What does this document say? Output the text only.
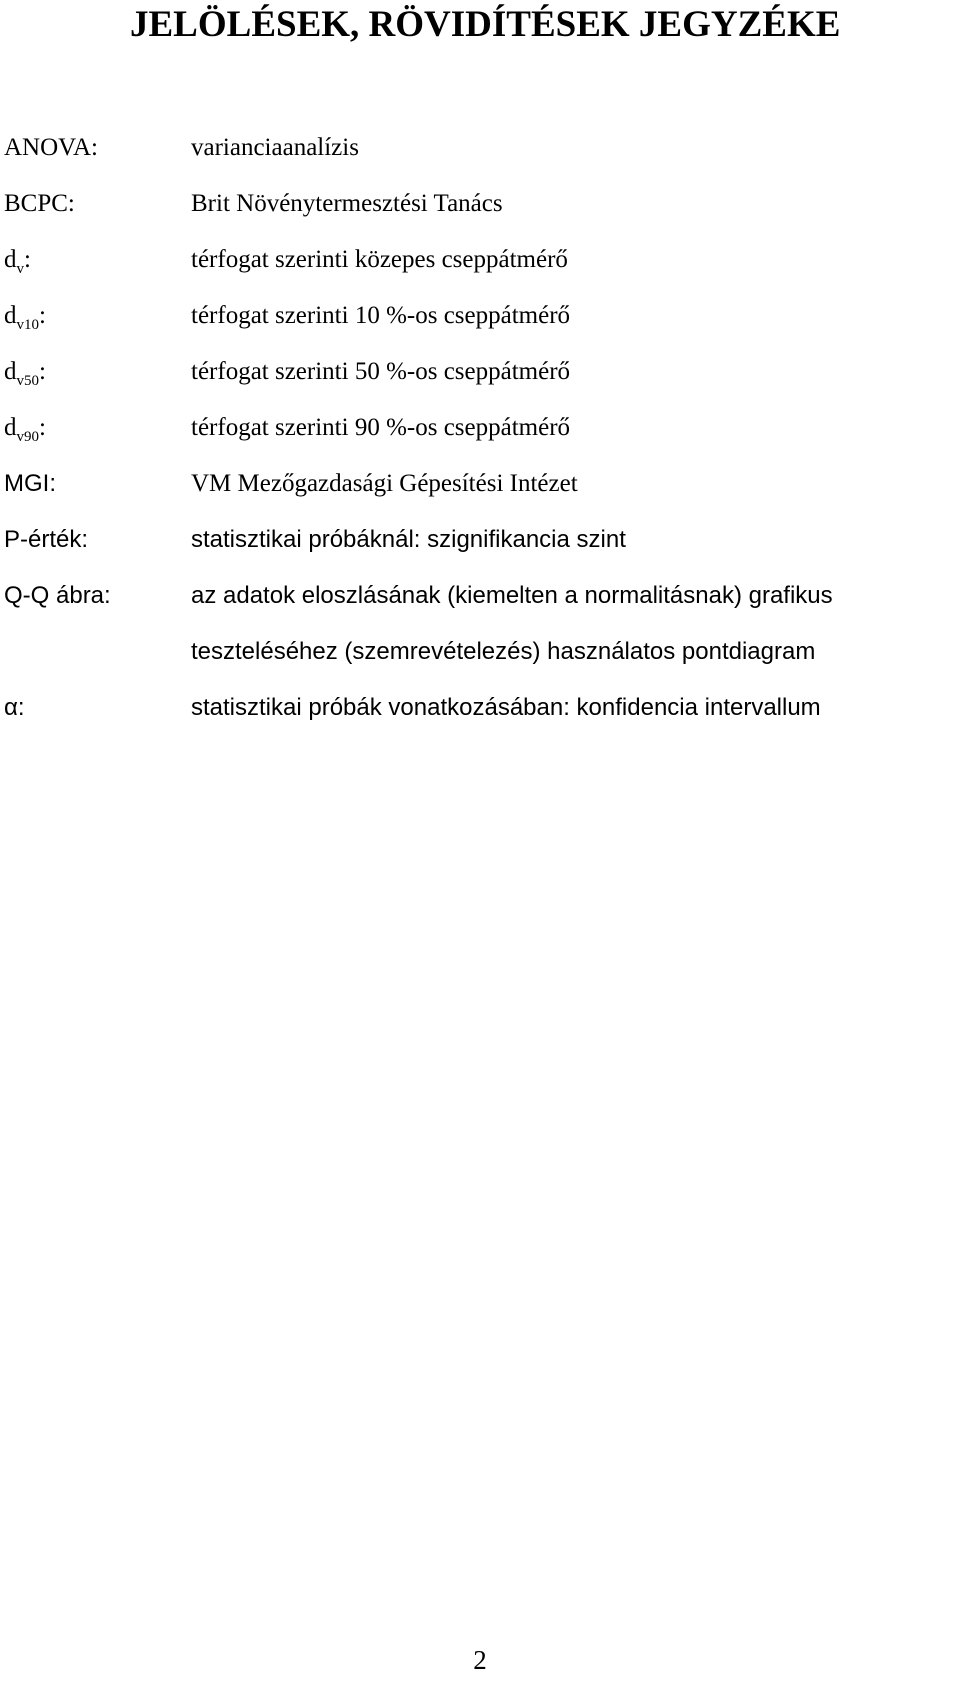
JELÖLÉSEK, RÖVIDÍTÉSEK JEGYZÉKE
ANOVA:	varianciaanalízis
BCPC:	Brit Növénytermesztési Tanács
$d_v$:	térfogat szerinti közepes cseppátmérő
$d_{v10}$:	térfogat szerinti 10 %-os cseppátmérő
$d_{v50}$:	térfogat szerinti 50 %-os cseppátmérő
$d_{v90}$:	térfogat szerinti 90 %-os cseppátmérő
MGI:	VM Mezőgazdasági Gépesítési Intézet
P-érték:	statisztikai próbáknál: szignifikancia szint
Q-Q ábra:	az adatok eloszlásának (kiemelten a normalitásnak) grafikus
teszteléséhez (szemrevételezés) használatos pontdiagram
α:	statisztikai próbák vonatkozásában: konfidencia intervallum
2
